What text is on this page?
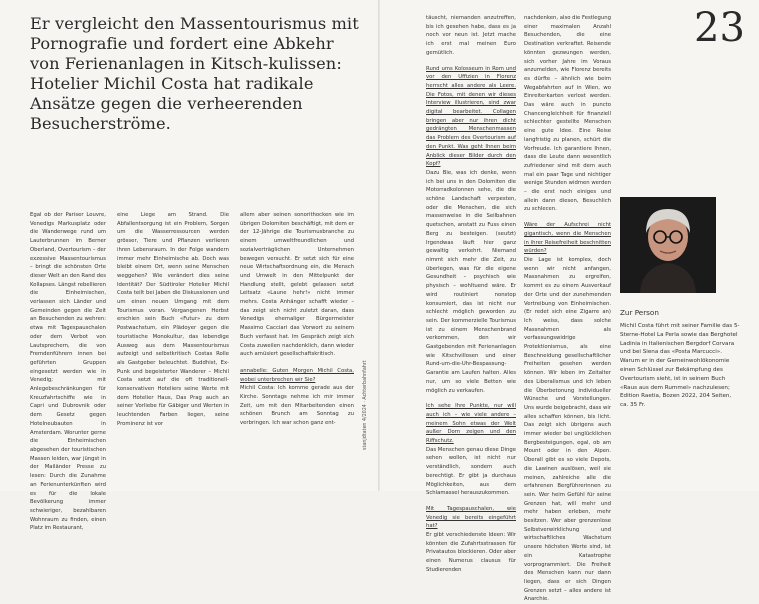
Er vergleicht den Massentourismus mit Pornografie und fordert eine Abkehr von Ferienanlagen in Kitsch-kulissen: Hotelier Michil Costa hat radikale Ansätze gegen die verheerenden Besucherströme.
23

Egal ob der Pariser Louvre, Venedigs Markusplatz oder die Wanderwege rund um Lauterbrunnen im Berner Oberland, Overtourism – der exzessive Massentourismus – bringt die schönsten Orte dieser Welt an den Rand des Kollapses. Längst rebellieren die Einheimischen, verlassen sich Länder und Gemeinden gegen die Zeit an Besuchenden zu wehren: etwa mit Tagespauschalen oder dem Verbot von Lautsprechern, die von Fremdenführern innen bei geführten Gruppen eingesetzt werden wie in Venedig; mit Anlegebeschränkungen für Kreuzfahrtschiffe wie in Capri und Dubrovnik oder dem Gesetz gegen Hotelneubauten in Amsterdam. Worunter gerne die Einheimischen abgesehen der touristischen Massen leiden, war jüngst in der Mailänder Presse zu lesen: Durch die Zunahme an Ferienunterkünften wird es für die lokale Bevölkerung immer schwieriger, bezahlbaren Wohnraum zu finden, einen Platz im Restaurant,

eine Liege am Strand. Die Abfallentsorgung ist ein Problem, Sorgen um die Wasserressourcen werden grösser, Tiere und Pflanzen verlieren ihren Lebensraum. In der Folge wandern immer mehr Einheimische ab. Doch was bleibt einem Ort, wenn seine Menschen weggehen? Wie verändert dies seine Identität? Der Südtiroler Hotelier Michil Costa teilt bei Jaben die Diskussionen und um einen neuen Umgang mit dem Tourismus voran. Vergangenen Herbst erschien sein Buch «Futur» zu dem Postwachstum, ein Plädoyer gegen die touristische Monokultur, das lebendige Ausweg aus dem Massentourismus aufzeigt und selbstkritisch Costas Rolle als Gastgeber beleuchtet. Buddhist, Ex-Punk und begeisterter Wanderer – Michil Costa setzt auf die oft traditionell-konservativen Hoteliers seine Werte mit dem Hotelier Haus, Das Prag auch an seiner Vorliebe für Gäbiger und Werten in leuchtenden Farben liegen, seine Prominenz ist vor

allem aber seinen sonorithocken wie im übrigen Dolomiten beschäftigt, mit dem er der 12-Jährige die Tourismusbranche zu einem umweltfreundlichen und sozialverträglichen Unternehmen bewegen versucht. Er setzt sich für eine neue Wirtschaftsordnung ein, die Mensch und Umwelt in den Mittelpunkt der Handlung stellt, gelebt gelassen setzt Leitsatz «Laune hehr!» nicht immer mehrs. Costa Anhänger schafft wieder – das zeigt sich nicht zuletzt daran, dass Venedigs ehemaliger Bürgermeister Massimo Cacciari das Vorwort zu seinem Buch verfasst hat. Im Gespräch zeigt sich Costa zuweilen nachdenklich, dann wieder auch amüsiert gesellschaftskritisch.

annabelle: Guten Morgen Michil Costa, wobei unterbrechen wir Sie?

Michil Costa: Ich komme gerade aus der Kirche. Sonntags nehme ich mir immer Zeit, um mit den Mitarbeitenden einen schönen Brunch am Sonntag zu verbringen. Ich war schon ganz ent-	stanjdtaten 4/2024 · Achterbahnfahrt

täuscht, niemanden anzutreffen, bis ich gesehen habe, dass es ja noch vor neun ist. Jetzt mache ich erst mal meinen Euro gemütlich.

Rund ums Kolosseum in Rom und vor den Uffizien in Florenz herrscht alles andere als Leere. Die Fotos, mit denen wir dieses Interview illustrieren, sind zwar digital bearbeitet. Collagen bringen aber nur ihren dicht gedrängten Menschenmassen das Problem des Overtourism auf den Punkt. Was geht Ihnen beim Anblick dieser Bilder durch den Kopf?

Dazu Bie, was ich denke, wenn ich bei uns in den Dolomiten die Motorradkolonnen sehe, die die schöne Landschaft verpesten, oder die Menschen, die sich massenweise in die Seilbahnen quetschen, anstatt zu Fuss einen Berg zu besteigen. (seufzt) Irgendwas läuft hier ganz gewaltig verkehrt. Niemand nimmt sich mehr die Zeit, zu überlegen, was für die eigene Gesundheit – psychisch wie physisch – wohltuend wäre. Er wird routiniert nonstop konsumiert, das ist nicht nur schlecht möglich geworden zu sein. Der kommerzielle Tourismus ist zu einem Menschenbrand verkommen, den wir Gastgebenden mit Ferienanlagen wie Kitschvillosen und einer Rund-um-die-Uhr-Bespassung-Garantie am Laufen halten. Alles nur, um so viele Betten wie möglich zu verkaufen.

Ich sehe Ihre Punkte, nur will auch ich – wie viele andere – meinem Sohn etwas der Welt außer Dorn zeigen und den Riffschutz.

Das Menschen genau diese Dinge sehen wollen, ist nicht nur verständlich, sondern auch berechtigt. Er gibt ja durchaus Möglichkeiten, aus dem Schlamassel herauszukommen.

Mit Tagespauschalen, wie Venedig sie bereits eingeführt hat?

Er gibt verschiedenste Ideen: Wir könnten die Zufahrtsstrassen für Privatautos blockieren. Oder aber einen Numerus clausus für Studierenden

nachdenken, also die Festlegung einer maximalen Anzahl Besuchenden, die eine Destination verkraftet. Reisende könnten gezwungen werden, sich vorher Jahre im Voraus anzumelden, wie Florenz bereits es dürfte – ähnlich wie beim Wegabfahrten auf in Wien, wo Einreiterkarten verlost werden. Das wäre auch in puncto Chancengleichheit für finanziell schlechter gestellte Menschen eine gute Idee. Eine Reise langfristig zu planen, schürt die Vorfreude. Ich garantiere Ihnen, dass die Leute dann wesentlich zufriedener sind mit dem auch mal ein paar Tage und nichtiger wenige Stunden widmen werden – die erst noch einiges und allein dann diesen, Besuchlich zu schlecen.

Wäre der Aufschrei nicht gigantisch, wenn die Menschen in ihrer Reisefreiheit beschnitten würden?

Die Lage ist komplex, doch wenn wir nicht anfangen, Massnahmen zu ergreifen, kommt es zu einem Ausverkauf der Orte und der zunehmenden Vertreibung von Einheimischen. (Er redet sich eine Zigarre an) Ich weiss, dass solche Massnahmen als verfassungswidrige Protektionismus, als eine Beschneidung gesellschaftlicher Freiheiten gesehen werden können. Wir leben im Zeitalter des Liberalismus und ich leben die Überbetonung individueller Wünsche und Vorstellungen. Uns wurde beigebracht, dass wir alles schaffen können, bis licht. Das zeigt sich übrigens auch immer wieder bei unglücklichen Bergbesteigungen, egal, ob am Mount oder in den Alpen. Überall gibt es so viele Depots, die Lawinen auslösen, weil sie meinen, zahlreiche alle die erfahrenen Bergführerinnen zu sein. Wer heim Gefühl für seine Grenzen hat, will mehr und mehr haben erleben, mehr besitzen. Wer aber grenzenlose Selbstverwirklichung und wirtschaftliches Wachstum unsere höchsten Werte sind, ist ein Katastrophe vorprogrammiert. Die Freiheit des Menschen kann nur dann liegen, dass er sich Dingen Grenzen setzt – alles andere ist Anarchie.

Zur Person
Michil Costa führt mit seiner Familie das 5-Sterne-Hotel La Perla sowie das Berghotel Ladinia in Italienischen Bergdorf Corvara und bei Siena das «Posta Marcucci». Warum er in der Gemeinwohlökonomie einen Schlüssel zur Bekämpfung des Overtourism sieht, ist in seinem Buch «Raus aus dem Rummel» nachzulesen; Edition Raetia, Bozen 2022, 204 Seiten, ca. 35 Fr.
